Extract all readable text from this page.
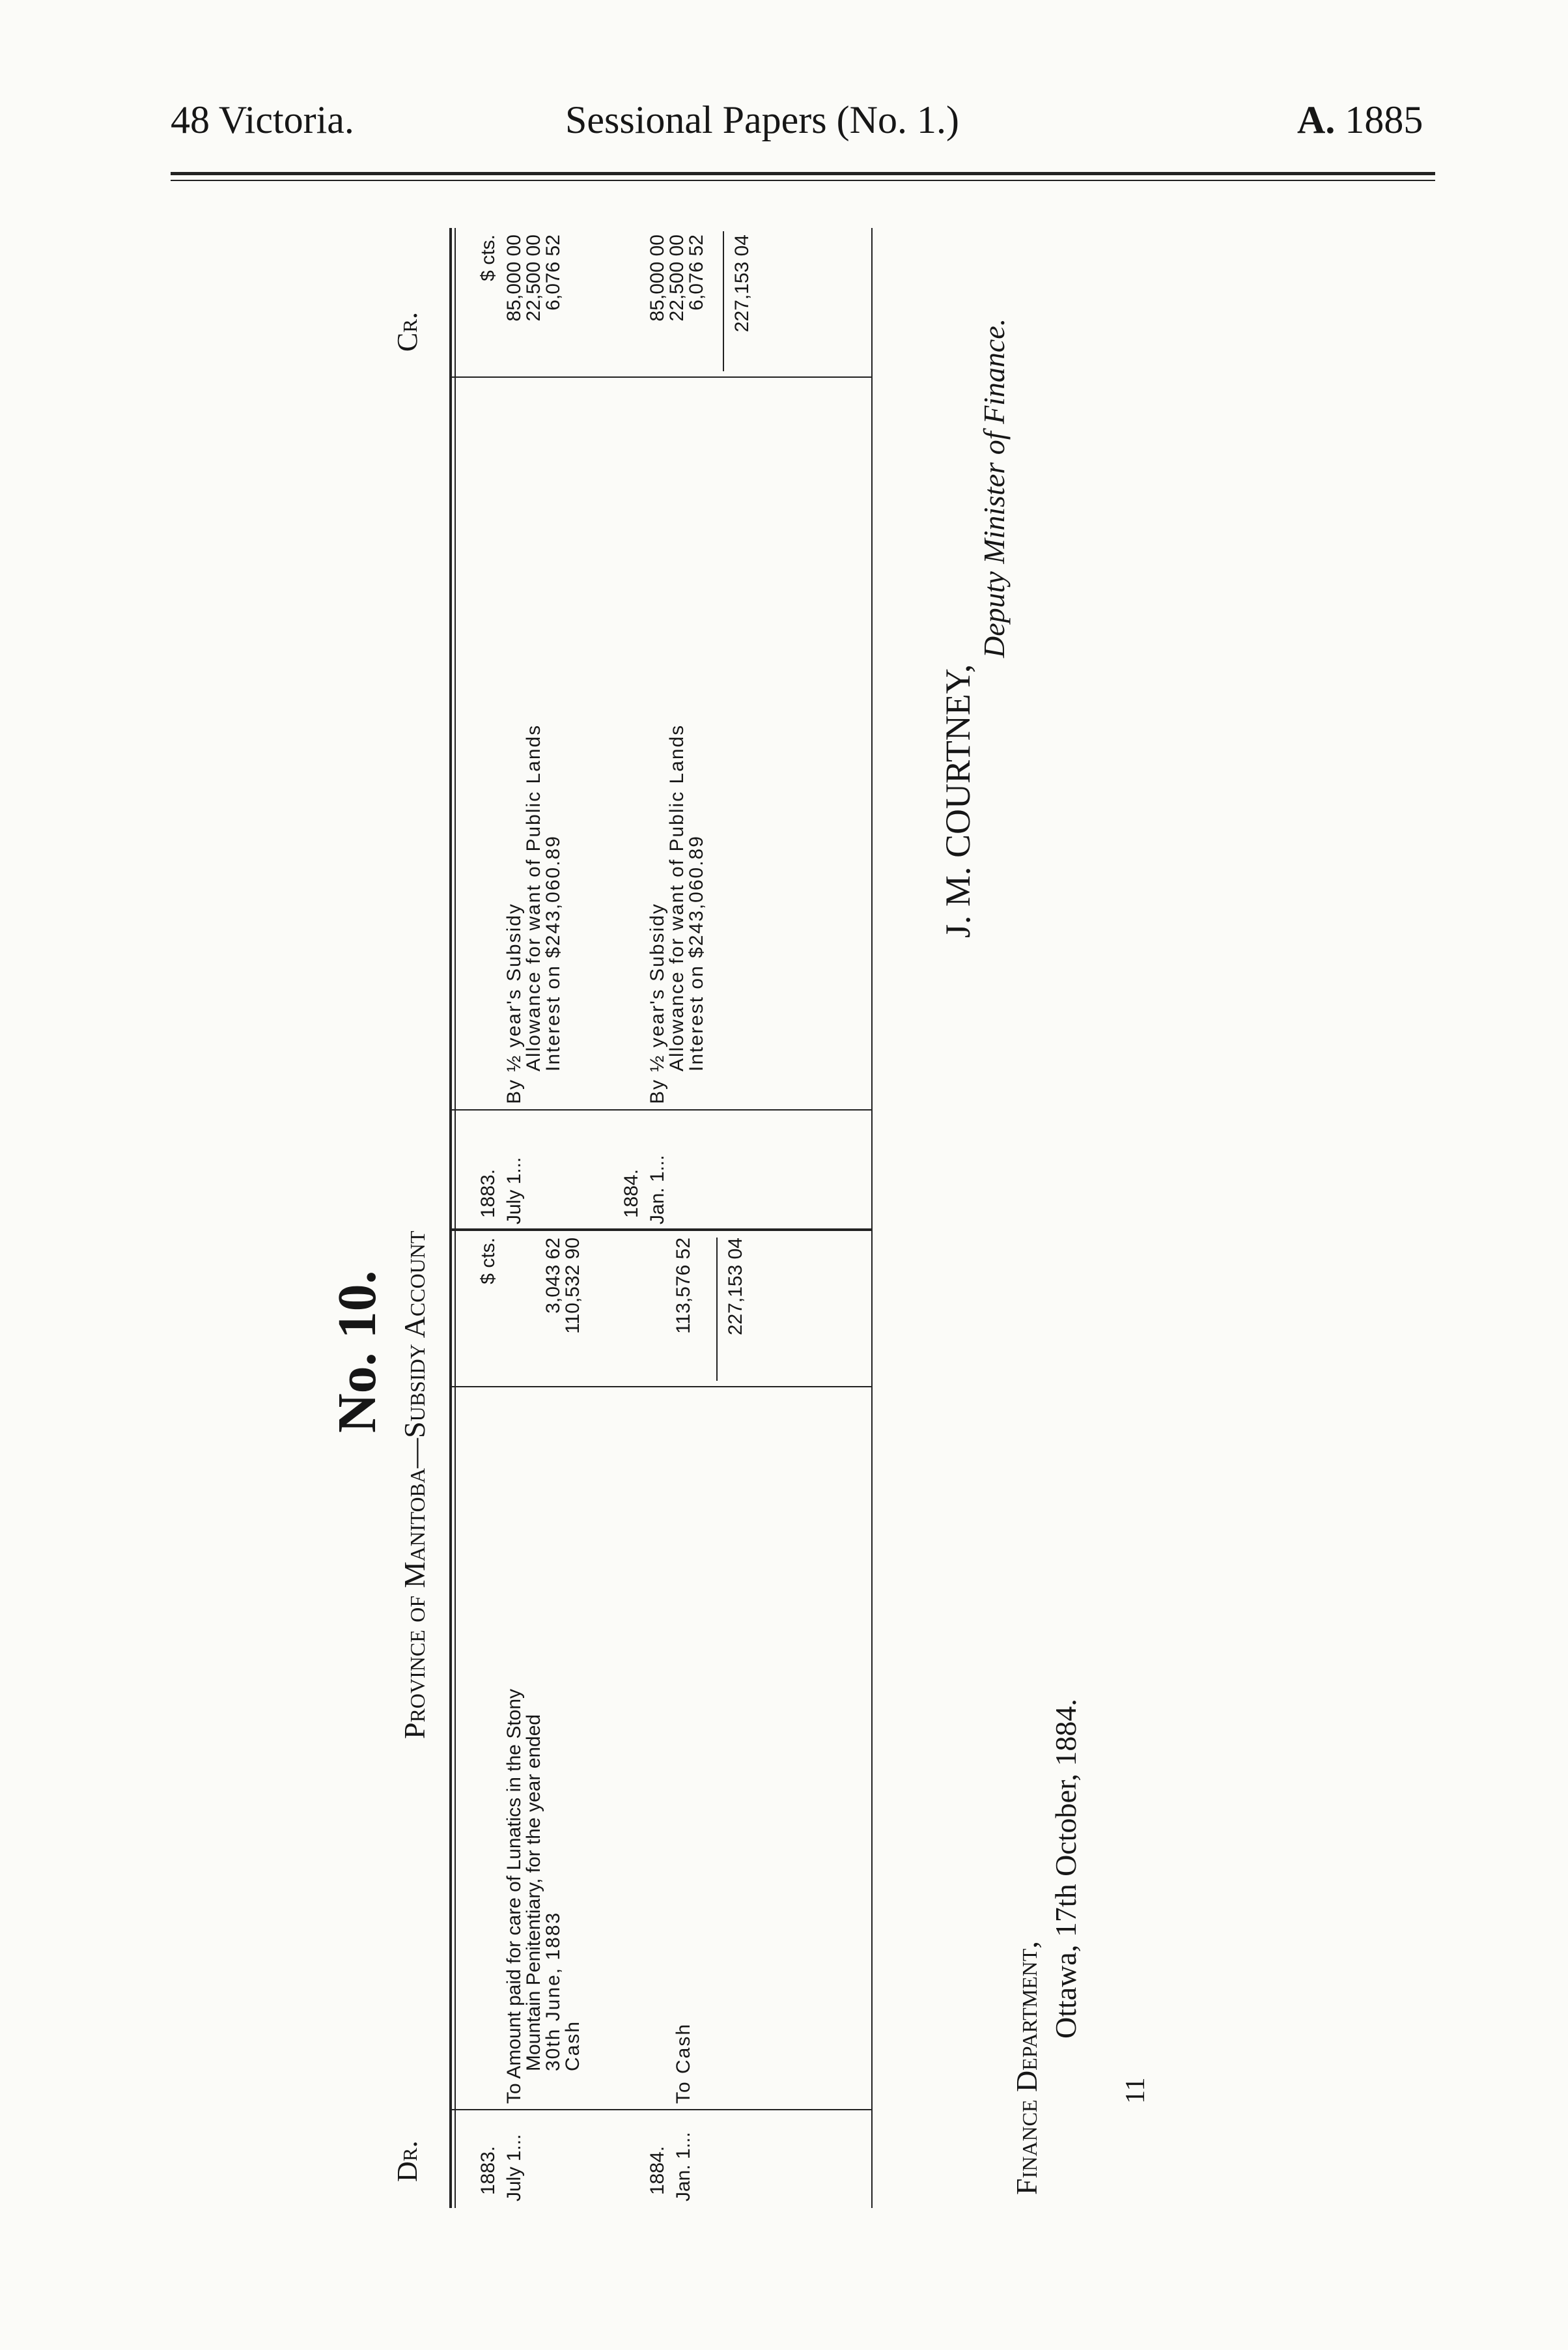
48 Victoria.	Sessional Papers (No. 1.)	A. 1885
No. 10. Province of Manitoba—Subsidy Account
Dr.
Cr.
1883. July 1...
To Amount paid for care of Lunatics in the Stony
Mountain Penitentiary, for the year ended
30th June, 1883
Cash
$ cts. 3,043 62
110,532 90
1884. Jan. 1...
To Cash
113,576 52 227,153 04
1883. July 1...
By ½ year's Subsidy
Allowance for want of Public Lands
Interest on $243,060.89
$ cts. 85,000 00
22,500 00
6,076 52
1884. Jan. 1...
By ½ year's Subsidy
Allowance for want of Public Lands
Interest on $243,060.89
85,000 00
22,500 00
6,076 52 227,153 04
J. M. COURTNEY,
Deputy Minister of Finance.
Finance Department,
Ottawa, 17th October, 1884.
11
